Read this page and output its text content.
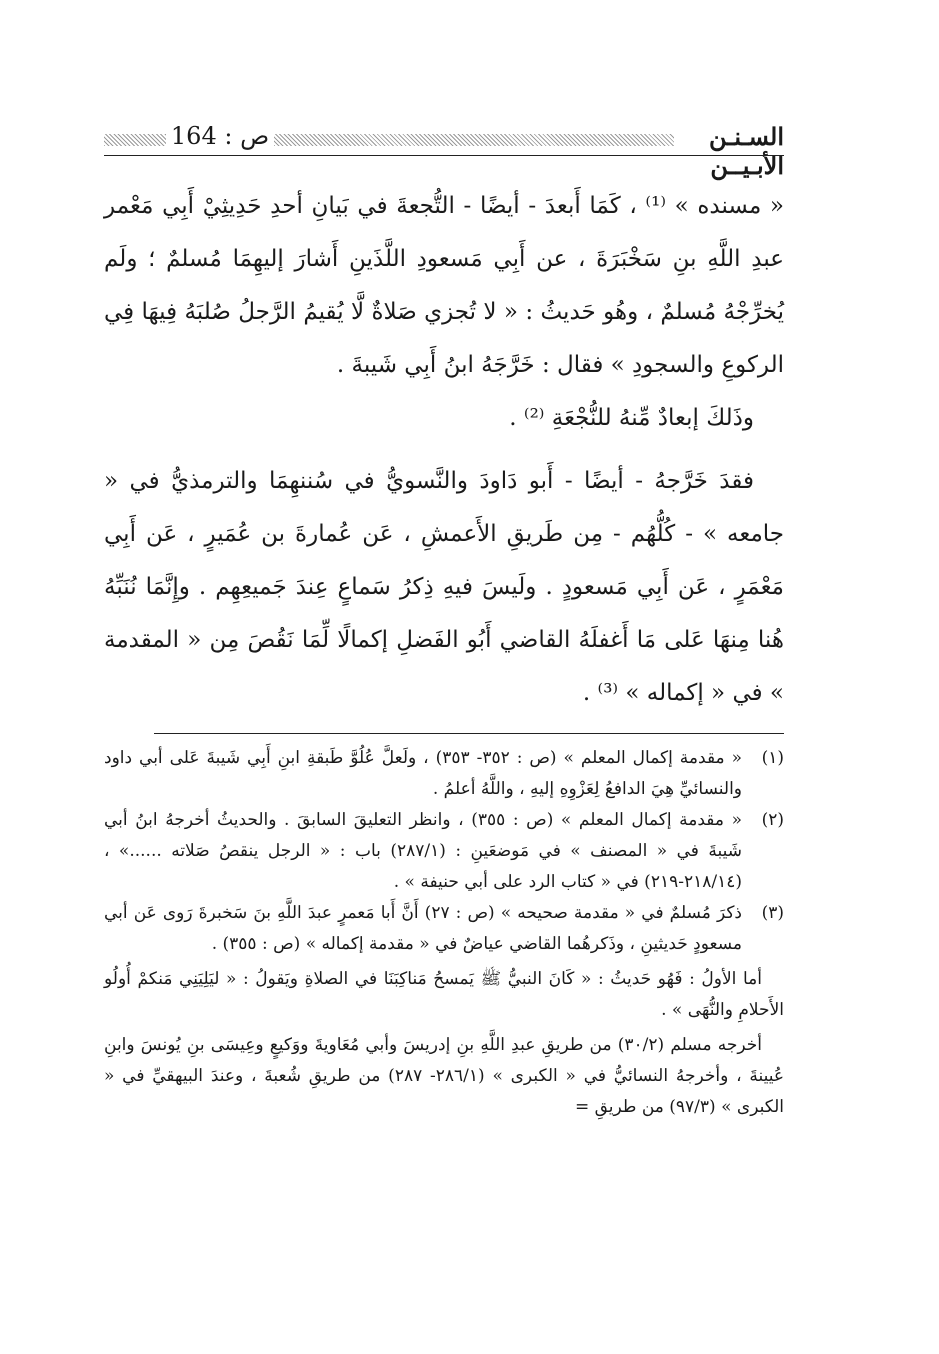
ص : 164	السـنـن الأبـيــن

« مسنده » ⁽¹⁾ ، كَمَا أَبعدَ - أيضًا - التُّجعةَ في بَيانِ أحدِ حَدِيثِيْ أَبِي مَعْمر عبدِ اللَّهِ بنِ سَخْبَرَةَ ، عن أَبِي مَسعودِ اللَّذَينِ أَشارَ إليهِمَا مُسلمٌ ؛ ولَم يُخرِّجْهُ مُسلمٌ ، وهُو حَديثُ : « لا تُجزي صَلاةٌ لَّا يُقيمُ الرَّجلُ صُلبَهُ فِيهَا فِي الركوعِ والسجودِ » فقال : خَرَّجَهُ ابنُ أَبِي شَيبةَ .

وذَلكَ إبعادٌ مِّنهُ للنُّجْعَةِ ⁽²⁾ .

فقدَ خَرَّجهُ - أيضًا - أَبو دَاودَ والنَّسويُّ في سُننهِمَا والترمذيُّ في « جامعه » - كُلُّهُم - مِن طَريقِ الأَعمشِ ، عَن عُمارةَ بن عُمَيرٍ ، عَن أَبِي مَعْمَرٍ ، عَن أَبِي مَسعودٍ . ولَيسَ فيهِ ذِكرُ سَماعٍ عِندَ جَميعِهِم . وإِنَّمَا نُنَبِّهُ هُنا مِنهَا عَلى مَا أَغفلَهُ القاضي أَبُو الفَضلِ إكمالًا لِّمَا نَقُصَ مِن « المقدمة » في « إكماله » ⁽³⁾ .

(١)
« مقدمة إكمال المعلم » (ص : ٣٥٢- ٣٥٣) ، ولَعلَّ عُلُوَّ طَبقةِ ابنِ أَبِي شَيبةَ عَلى أبي داود والنسائيِّ هِيَ الدافعُ لِعَزْوِهِ إليهِ ، واللَّهُ أعلمُ .

(٢)
« مقدمة إكمال المعلم » (ص : ٣٥٥) ، وانظر التعليقَ السابقَ . والحديثُ أخرجهُ ابنُ أبي شَيبةَ في « المصنف » في مَوضعَينِ : (٢٨٧/١) باب : « الرجل ينقصُ صَلاته ......» ، (٢١٨/١٤-٢١٩) في « كتاب الرد على أبي حنيفة » .

(٣)
ذكرَ مُسلمٌ في « مقدمة صحيحه » (ص : ٢٧) أَنَّ أَبا مَعمرٍ عبدَ اللَّهِ بنَ سَخبرةَ رَوى عَن أبي مسعودٍ حَديثينِ ، وذَكرهُما القاضي عياضٌ في « مقدمة إكماله » (ص : ٣٥٥) .

أما الأولُ : فَهُو حَديثُ : « كَانَ النبيُّ ﷺ يَمسحُ مَناكِبَنَا في الصلاةِ ويَقولُ : « ليَلِيَنِي مَنكمْ أُولُو الأَحلامِ والنُّهَى » .

أخرجه مسلم (٣٠/٢) من طريقِ عبدِ اللَّهِ بنِ إدريسَ وأبي مُعَاويةَ ووَكيعٍ وعِيسَى بنِ يُونسَ وابنِ عُيينةَ ، وأخرجهُ النسائيُّ في « الكبرى » (٢٨٦/١- ٢٨٧) من طريقِ شُعبةَ ، وعندَ البيهقيِّ في « الكبرى » (٩٧/٣) من طريقِ =
